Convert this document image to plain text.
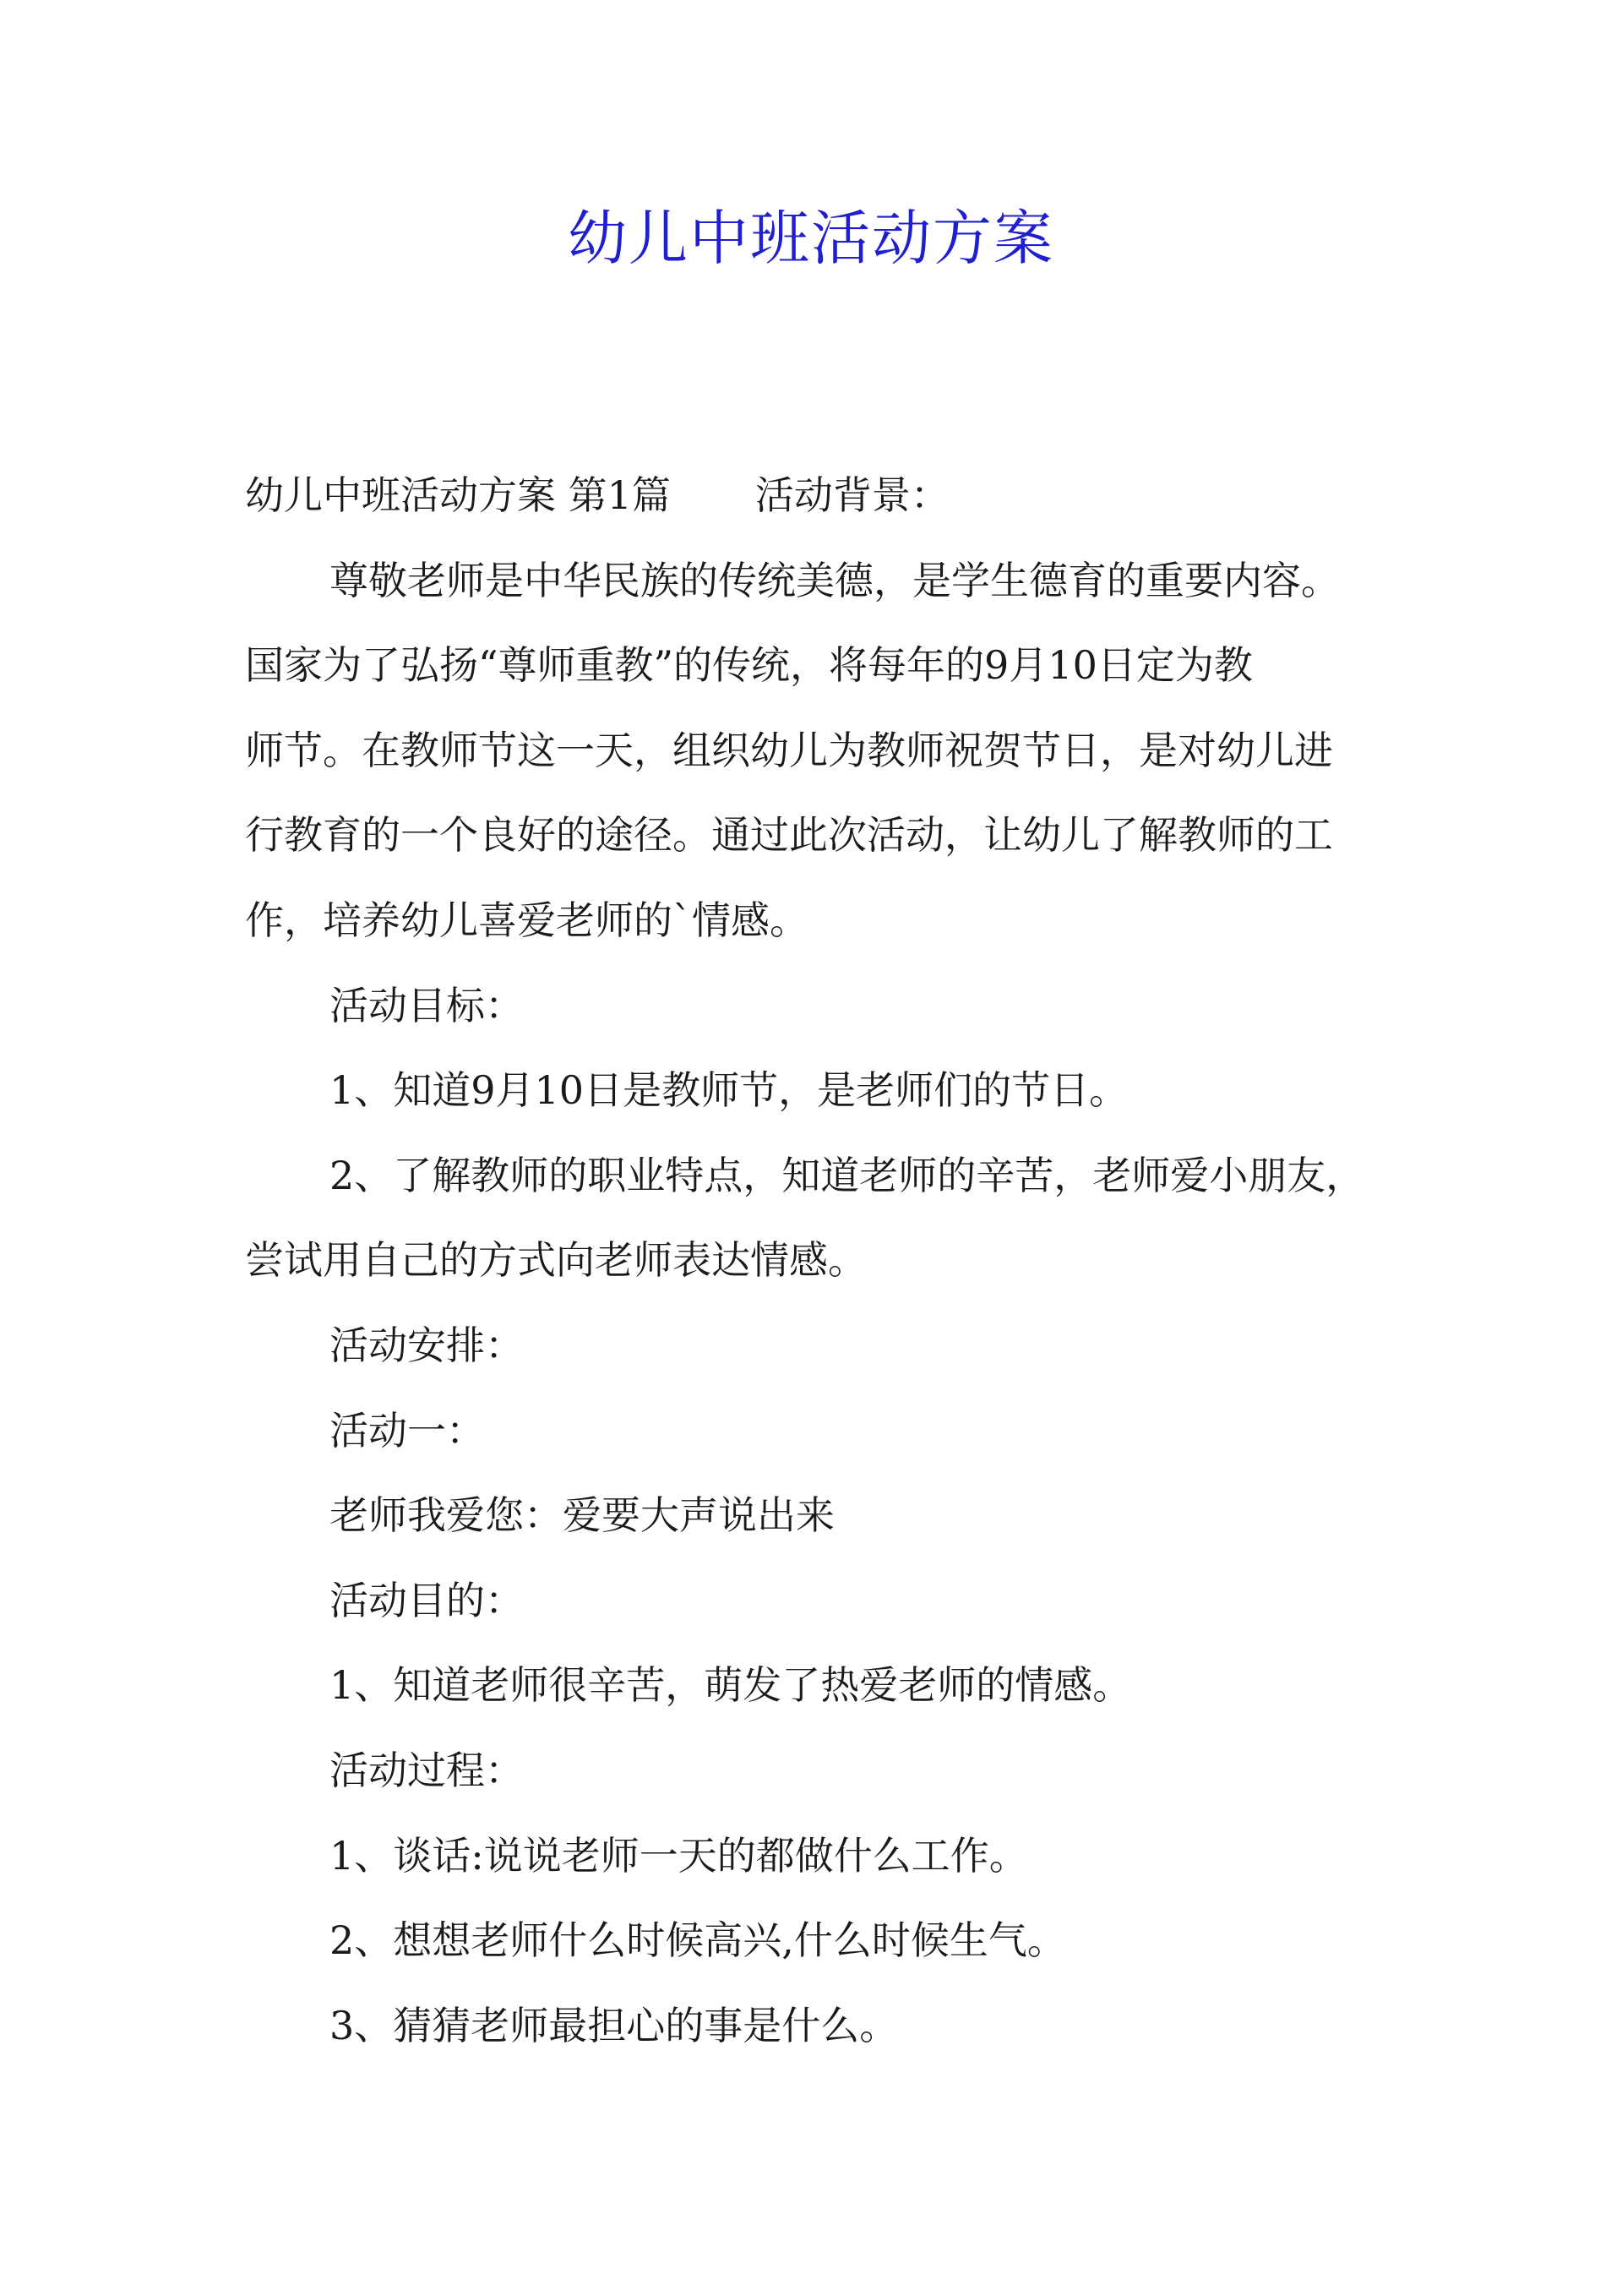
幼儿中班活动方案

幼儿中班活动方案 第1篇 活动背景：

尊敬老师是中华民族的传统美德，是学生德育的重要内容。

国家为了弘扬“尊师重教”的传统，将每年的9月10日定为教

师节。在教师节这一天，组织幼儿为教师祝贺节日，是对幼儿进

行教育的一个良好的途径。通过此次活动，让幼儿了解教师的工

作，培养幼儿喜爱老师的`情感。

活动目标：

1、知道9月10日是教师节，是老师们的节日。

2、了解教师的职业特点，知道老师的辛苦，老师爱小朋友，

尝试用自己的方式向老师表达情感。

活动安排：

活动一：

老师我爱您：爱要大声说出来

活动目的：

1、知道老师很辛苦，萌发了热爱老师的情感。

活动过程：

1、谈话:说说老师一天的都做什么工作。

2、想想老师什么时候高兴,什么时候生气。

3、猜猜老师最担心的事是什么。
